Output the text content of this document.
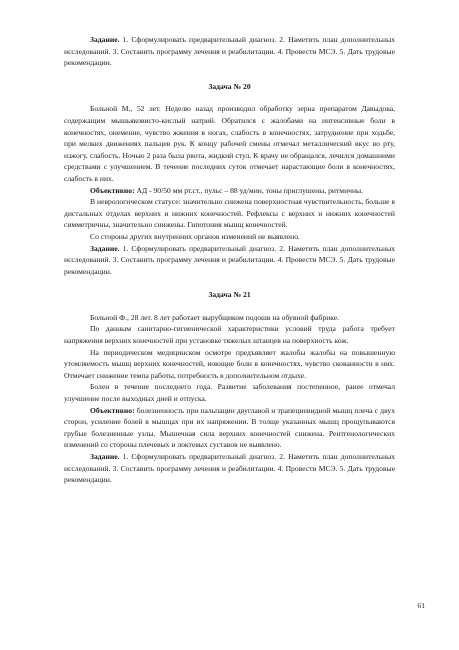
Задание. 1. Сформулировать предварительный диагноз. 2. Наметить план дополнительных исследований. 3. Составить программу лечения и реабилитации. 4. Провести МСЭ. 5. Дать трудовые рекомендации.

Задача № 20

Больной М., 52 лет. Неделю назад производил обработку зерна препаратом Давыдова, содержащим мышьяковисто-кислый натрий. Обратился с жалобами на интенсивные боли в конечностях, онемение, чувство жжения в ногах, слабость в конечностях, затруднение при ходьбе, при мелких движениях пальцев рук. К концу рабочей смены отмечал металлический вкус во рту, изжогу, слабость. Ночью 2 раза была рвота, жидкий стул. К врачу не обращался, лечился домашними средствами с улучшением. В течение последних суток отмечает нарастающие боли в конечностях, слабость в них.

Объективно: АД - 90/50 мм рт.ст., пульс – 88 уд/мин, тоны приглушены, ритмичны.

В неврологическом статусе: значительно снижена поверхностная чувствительность, больше в дистальных отделах верхних и нижних конечностей. Рефлексы с верхних и нижних конечностей симметричны, значительно снижены. Гипотония мышц конечностей.

Со стороны других внутренних органов изменений не выявлено.

Задание. 1. Сформулировать предварительный диагноз. 2. Наметить план дополнительных исследований. 3. Составить программу лечения и реабилитации. 4. Провести МСЭ. 5. Дать трудовые рекомендации.

Задача № 21

Больной Ф., 28 лет. 8 лет работает вырубщиком подошв на обувной фабрике.

По данным санитарно-гигиенической характеристики условий труда работа требует напряжения верхних конечностей при установке тяжелых штанцев на поверхность кож.

На периодическом медицинском осмотре предъявляет жалобы жалобы на повышенную утомляемость мышц верхних конечностей, ноющие боли в конечностях, чувство скованности в них. Отмечает снижение темпа работы, потребность в дополнительном отдыхе.

Болен в течение последнего года. Развитие заболевания постепенное, ранее отмечал улучшение после выходных дней и отпуска.

Объективно: болезненность при пальпации двуглавой и трапециевидной мышц плеча с двух сторон, усиление болей в мышцах при их напряжении. В толще указанных мышц прощупываются грубые болезненные узлы. Мышечная сила верхних конечностей снижена. Рентгенологических изменений со стороны плечевых и локтевых суставов не выявлено.

Задание. 1. Сформулировать предварительный диагноз. 2. Наметить план дополнительных исследований. 3. Составить программу лечения и реабилитации. 4. Провести МСЭ. 5. Дать трудовые рекомендации.

61
